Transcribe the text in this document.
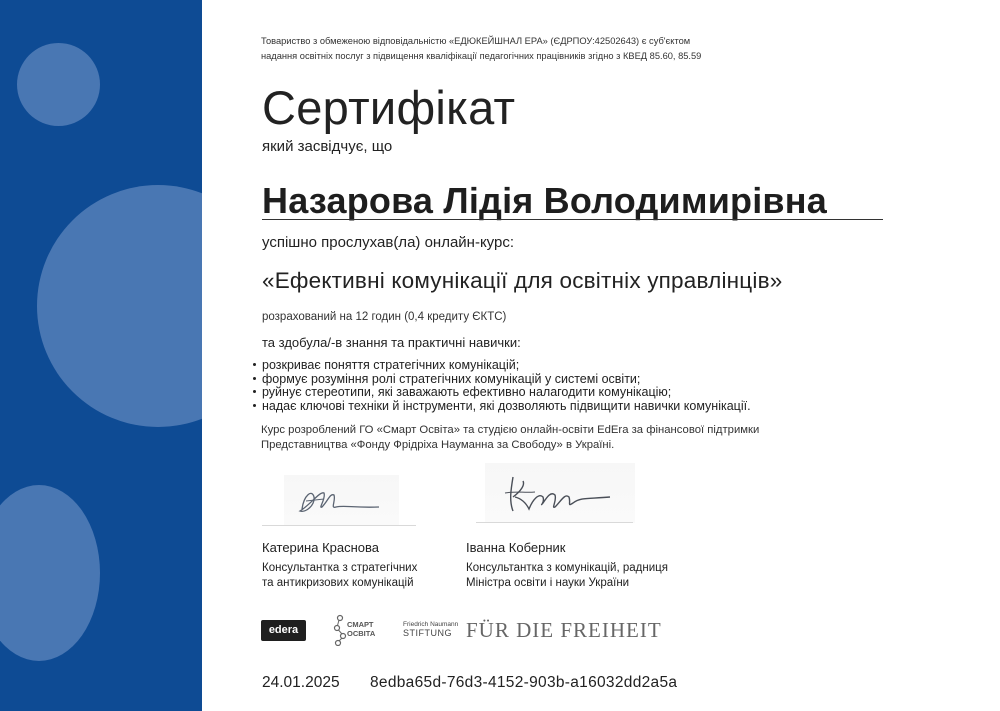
Товариство з обмеженою відповідальністю «ЕДЮКЕЙШНАЛ ЕРА» (ЄДРПОУ:42502643) є суб'єктом
надання освітніх послуг з підвищення кваліфікації педагогічних працівників згідно з КВЕД 85.60, 85.59
Сертифікат
який засвідчує, що
Назарова Лідія Володимирівна
успішно прослухав(ла) онлайн-курс:
«Ефективні комунікації для освітніх управлінців»
розрахований на 12 годин (0,4 кредиту ЄКТС)
та здобула/-в знання та практичні навички:
розкриває поняття стратегічних комунікацій;
формує розуміння ролі стратегічних комунікацій у системі освіти;
руйнує стереотипи, які заважають ефективно налагодити комунікацію;
надає ключові техніки й інструменти, які дозволяють підвищити навички комунікації.
Курс розроблений ГО «Смарт Освіта» та студією онлайн-освіти EdEra за фінансової підтримки
Представництва «Фонду Фрідріха Науманна за Свободу» в Україні.
Катерина Краснова	Іванна Коберник
Консультантка з стратегічних
та антикризових комунікацій
Консультантка з комунікацій, радниця
Міністра освіти і науки України
edera	СМАРТ
ОСВІТА
Friedrich Naumann
STIFTUNG FÜR DIE FREIHEIT
24.01.2025 8edba65d-76d3-4152-903b-a16032dd2a5a
